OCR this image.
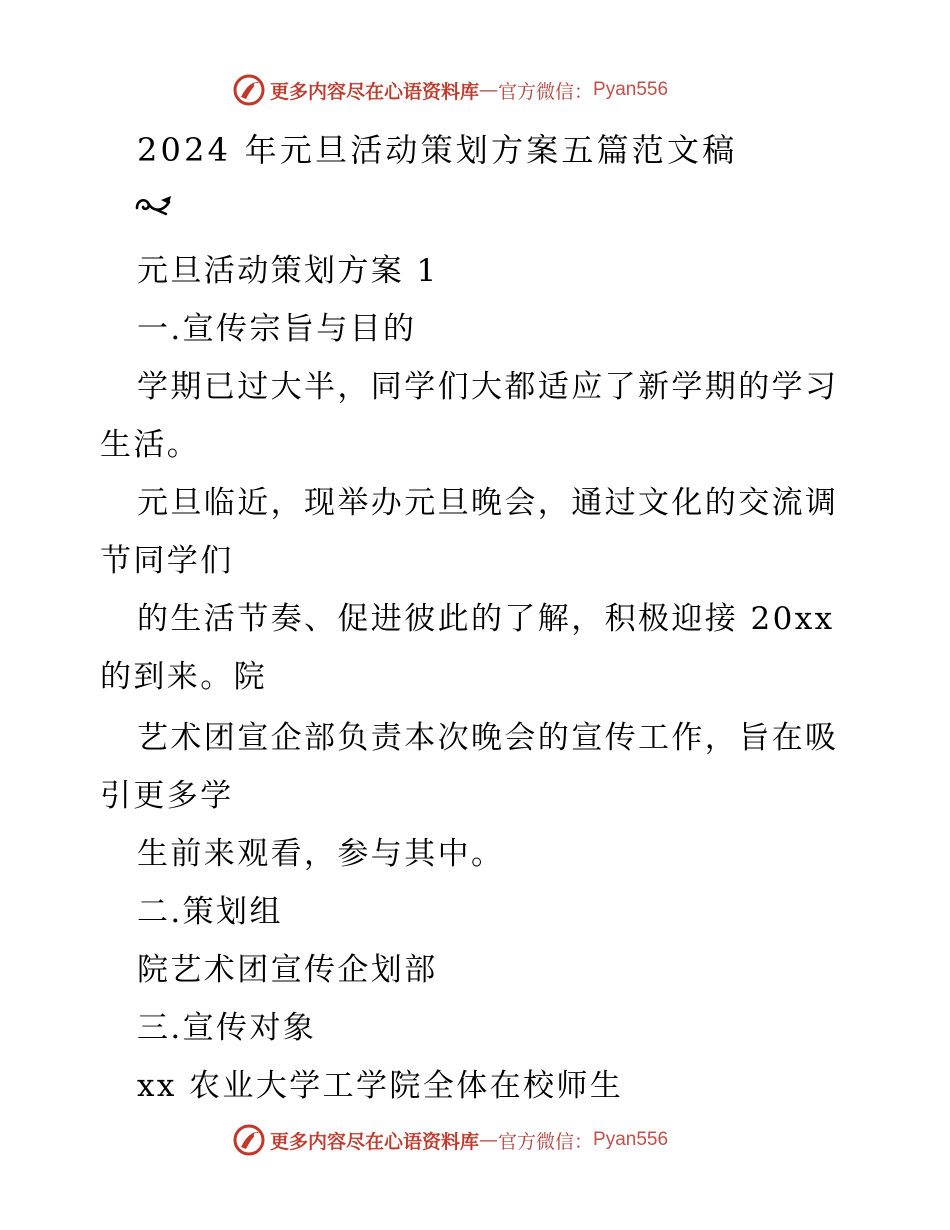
更多内容尽在心语资料库 — 官方微信： Pyan556
2024 年元旦活动策划方案五篇范文稿
元旦活动策划方案 1
一.宣传宗旨与目的
学期已过大半，同学们大都适应了新学期的学习
生活。
元旦临近，现举办元旦晚会，通过文化的交流调
节同学们
的生活节奏、促进彼此的了解，积极迎接 20xx
的到来。院
艺术团宣企部负责本次晚会的宣传工作，旨在吸
引更多学
生前来观看，参与其中。
二.策划组
院艺术团宣传企划部
三.宣传对象
xx 农业大学工学院全体在校师生
更多内容尽在心语资料库 — 官方微信： Pyan556
